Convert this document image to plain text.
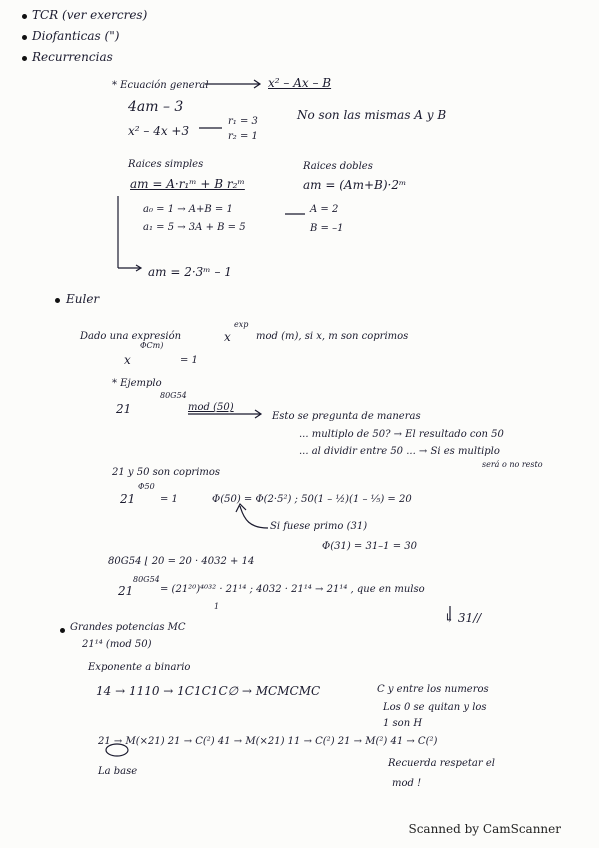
TCR (ver exercres)
Diofanticas (")
Recurrencias
* Ecuación general	x² – Ax – B
4am – 3
x² – 4x +3
r₁ = 3
r₂ = 1
No son las mismas A y B
Raices simples
am = A·r₁ᵐ + B r₂ᵐ
Raices dobles
am = (Am+B)·2ᵐ
a₀ = 1 → A+B = 1
a₁ = 5 → 3A + B = 5
A = 2
B = –1
am = 2·3ᵐ – 1
Euler
Dado una expresión	x
exp
mod (m), si x, m son coprimos
ΦCm)
x	= 1
* Ejemplo
21
80G54
mod (50)
Esto se pregunta de maneras
... multiplo de 50? → El resultado con 50
... al dividir entre 50 ... → Si es multiplo
será o no resto
21 y 50 son coprimos
21
Φ50
= 1	Φ(50) = Φ(2·5²) ; 50(1 – ½)(1 – ⅕) = 20
Si fuese primo (31)
Φ(31) = 31–1 = 30
80G54 ⌊ 20 = 20 · 4032 + 14
21
80G54
= (21²⁰)⁴⁰³² · 21¹⁴ ; 4032 · 21¹⁴ → 21¹⁴ , que en mulso
1
↳ 31//
Grandes potencias MC
21¹⁴ (mod 50)
Exponente a binario
14 → 1110 → 1C1C1C∅ → MCMCMC	C y entre los numeros
Los 0 se quitan y los
1 son H
21 → M(×21) 21 → C(²) 41 → M(×21) 11 → C(²) 21 → M(²) 41 → C(²)
La base
Recuerda respetar el
mod !
Scanned by CamScanner
